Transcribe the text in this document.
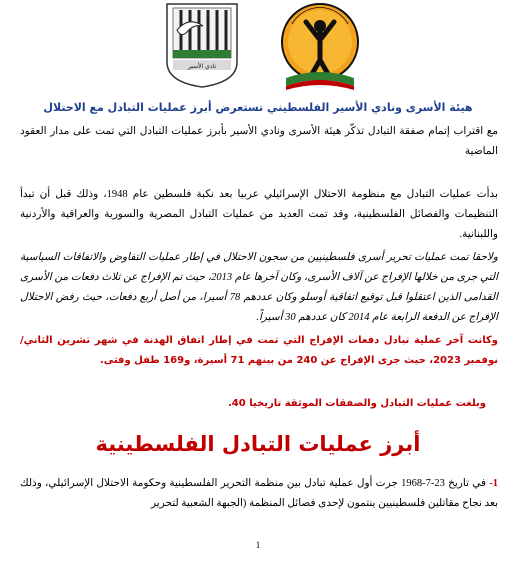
نادي الأسير
هيئة الأسرى ونادي الأسير الفلسطيني تستعرض أبرز عمليات التبادل مع الاحتلال
مع اقتراب إتمام صفقة التبادل تذكّر هيئة الأسرى ونادي الأسير بأبرز عمليات التبادل التي تمت على مدار العقود الماضية
بدأت عمليات التبادل مع منظومة الاحتلال الإسرائيلي عربيا بعد نكبة فلسطين عام 1948، وذلك قبل أن تبدأ التنظيمات والفصائل الفلسطينية، وقد تمت العديد من عمليات التبادل المصرية والسورية والعراقية والأردنية واللبنانية.
ولاحقا تمت عمليات تحرير أسرى فلسطينيين من سجون الاحتلال في إطار عمليات التفاوض والاتفاقات السياسية التي جرى من خلالها الإفراج عن آلاف الأسرى، وكان آخرها عام 2013، حيث تم الإفراج عن ثلاث دفعات من الأسرى القدامى الذين اعتقلوا قبل توقيع اتفاقية أوسلو وكان عددهم 78 أسيرا، من أصل أربع دفعات، حيث رفض الاحتلال الإفراج عن الدفعة الرابعة عام 2014 كان عددهم 30 أسيراً.
وكانت آخر عملية تبادل دفعات الإفراج التي تمت في إطار اتفاق الهدنة في شهر تشرين الثاني/ نوفمبر 2023، حيث جرى الإفراج عن 240 من بينهم 71 أسيرة، و169 طفل وفتى.
وبلغت عمليات التبادل والصفقات الموثقة تاريخيا 40.
أبرز عمليات التبادل الفلسطينية
1- في تاريخ 23-7-1968 جرت أول عملية تبادل بين منظمة التحرير الفلسطينية وحكومة الاحتلال الإسرائيلي، وذلك بعد نجاح مقاتلين فلسطينيين ينتمون لإحدى فصائل المنظمة (الجبهة الشعبية لتحرير
1
